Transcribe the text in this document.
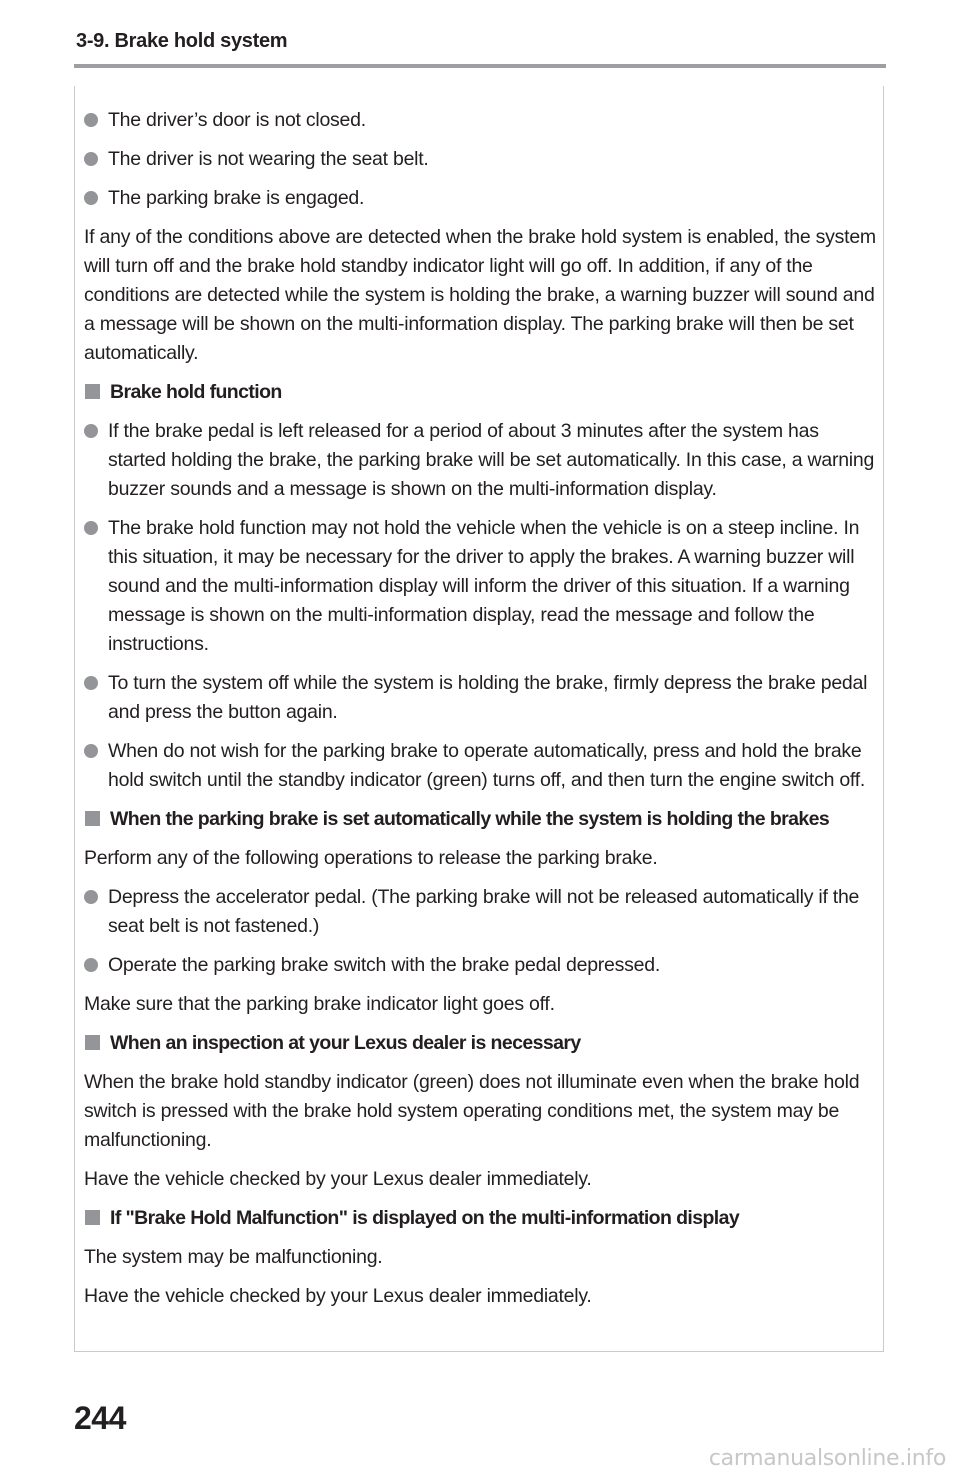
3-9. Brake hold system
The driver’s door is not closed.
The driver is not wearing the seat belt.
The parking brake is engaged.
If any of the conditions above are detected when the brake hold system is enabled, the system will turn off and the brake hold standby indicator light will go off. In addition, if any of the conditions are detected while the system is holding the brake, a warning buzzer will sound and a message will be shown on the multi-information display. The parking brake will then be set automatically.
Brake hold function
If the brake pedal is left released for a period of about 3 minutes after the system has started holding the brake, the parking brake will be set automatically. In this case, a warning buzzer sounds and a message is shown on the multi-information display.
The brake hold function may not hold the vehicle when the vehicle is on a steep incline. In this situation, it may be necessary for the driver to apply the brakes. A warning buzzer will sound and the multi-information display will inform the driver of this situation. If a warning message is shown on the multi-information display, read the message and follow the instructions.
To turn the system off while the system is holding the brake, firmly depress the brake pedal and press the button again.
When do not wish for the parking brake to operate automatically, press and hold the brake hold switch until the standby indicator (green) turns off, and then turn the engine switch off.
When the parking brake is set automatically while the system is holding the brakes
Perform any of the following operations to release the parking brake.
Depress the accelerator pedal. (The parking brake will not be released automatically if the seat belt is not fastened.)
Operate the parking brake switch with the brake pedal depressed.
Make sure that the parking brake indicator light goes off.
When an inspection at your Lexus dealer is necessary
When the brake hold standby indicator (green) does not illuminate even when the brake hold switch is pressed with the brake hold system operating conditions met, the system may be malfunctioning.
Have the vehicle checked by your Lexus dealer immediately.
If "Brake Hold Malfunction" is displayed on the multi-information display
The system may be malfunctioning.
Have the vehicle checked by your Lexus dealer immediately.
244
carmanualsonline.info
